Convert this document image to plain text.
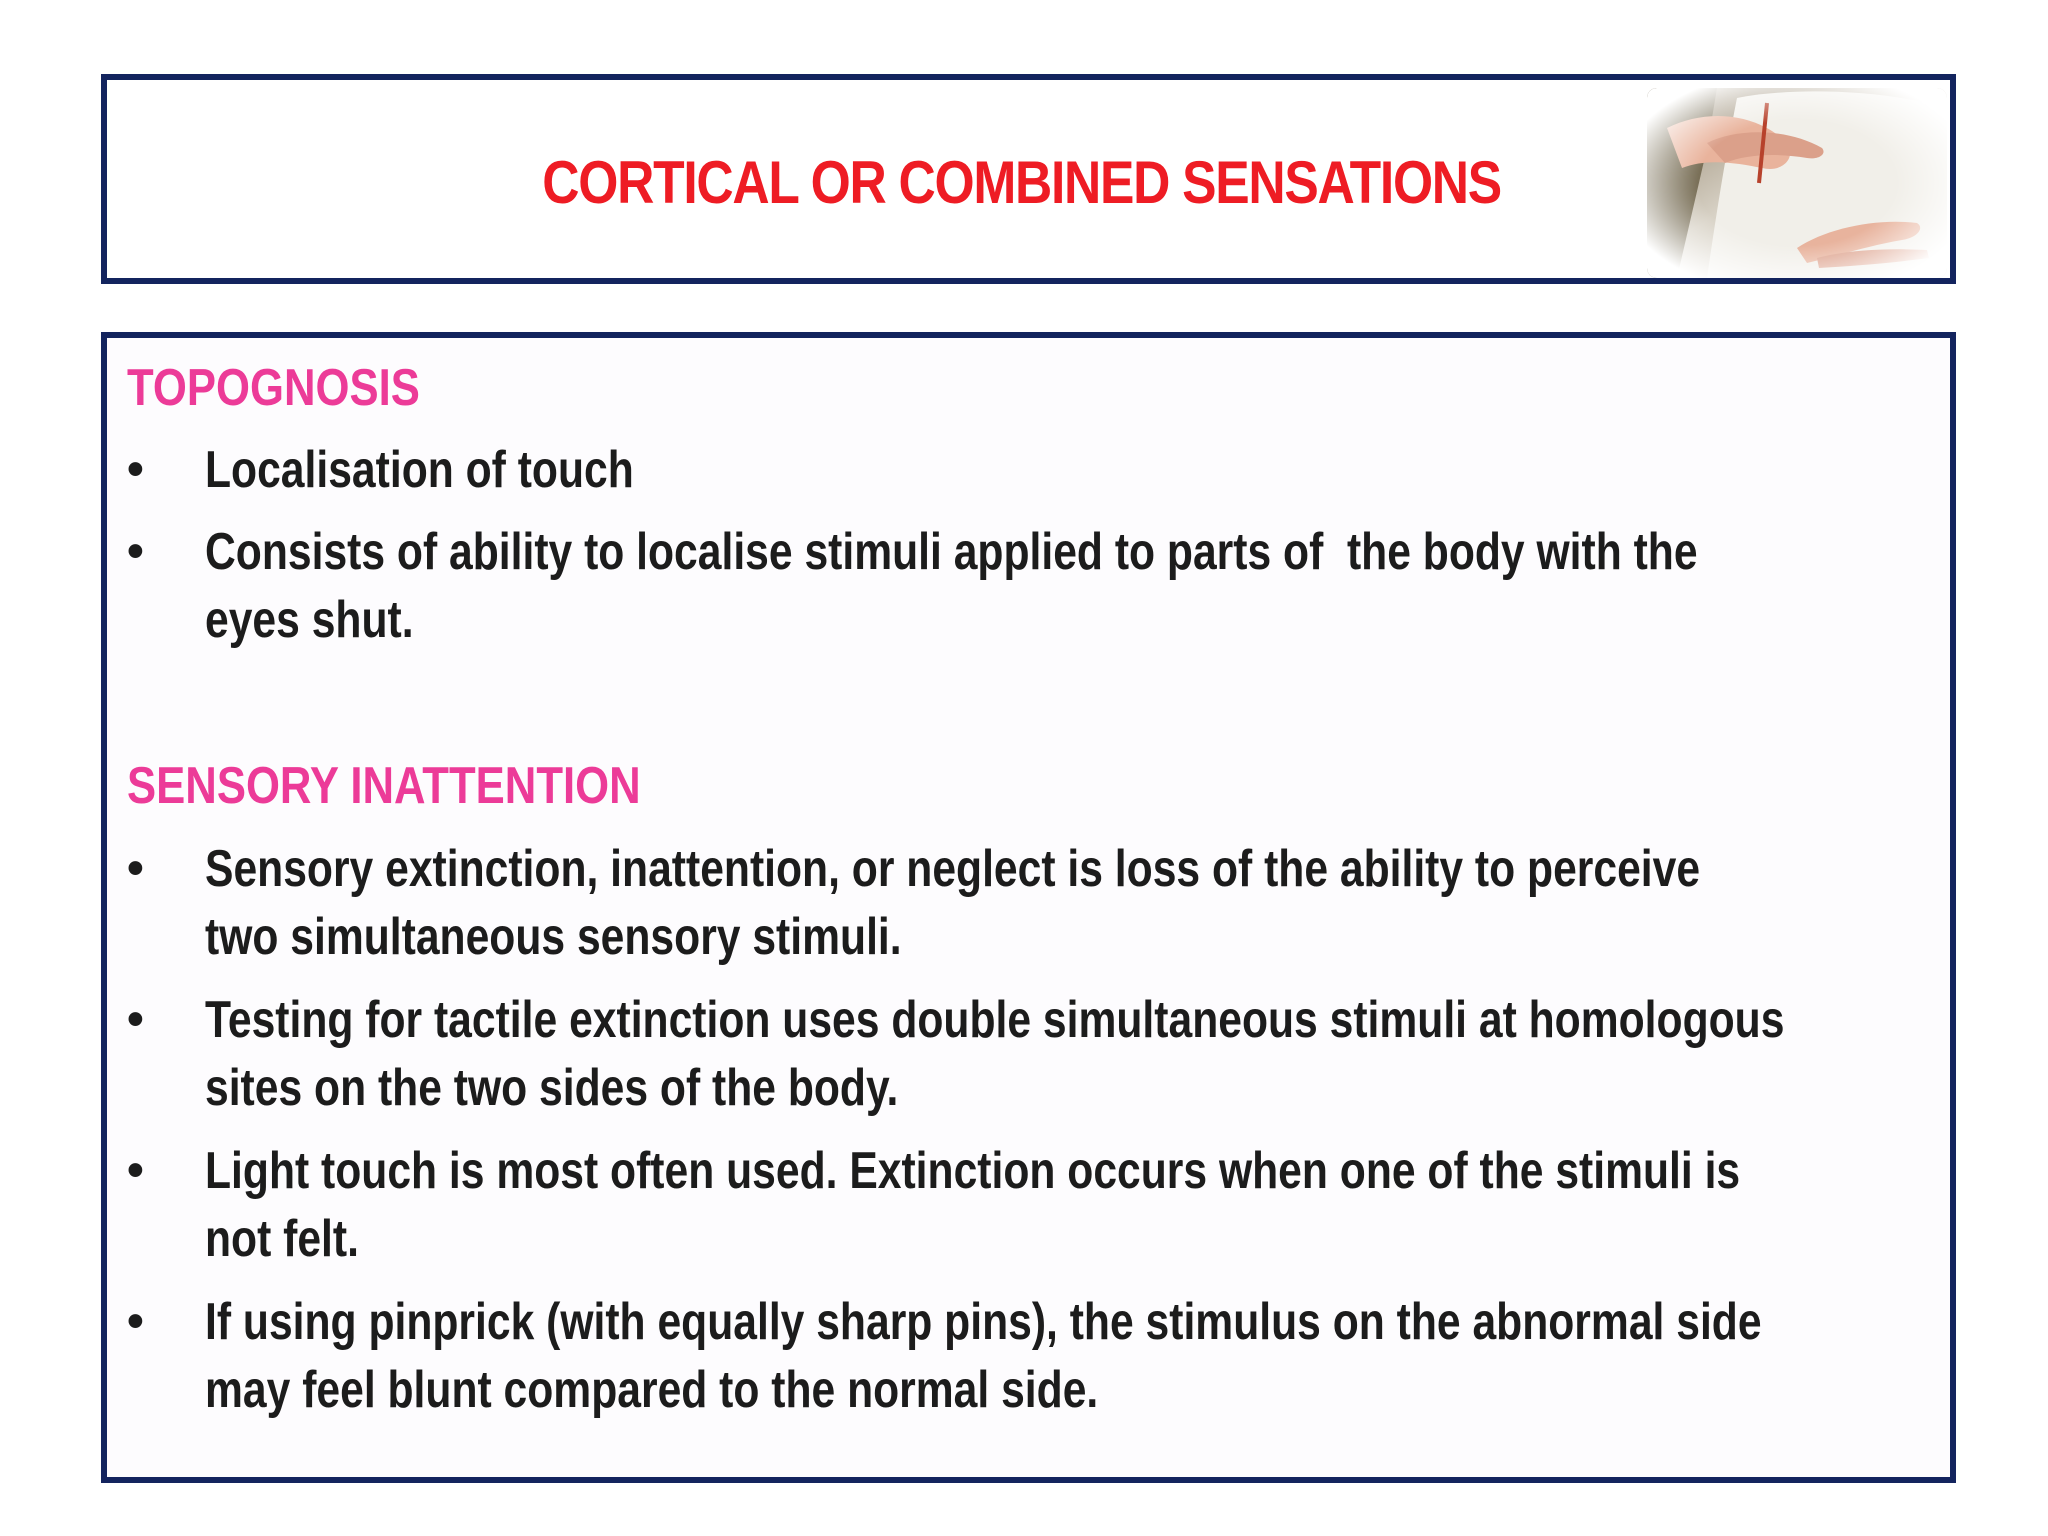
CORTICAL OR COMBINED SENSATIONS
TOPOGNOSIS
• Localisation of touch
• Consists of ability to localise stimuli applied to parts of  the body with the
eyes shut.
SENSORY INATTENTION
• Sensory extinction, inattention, or neglect is loss of the ability to perceive
two simultaneous sensory stimuli.
• Testing for tactile extinction uses double simultaneous stimuli at homologous
sites on the two sides of the body.
• Light touch is most often used. Extinction occurs when one of the stimuli is
not felt.
• If using pinprick (with equally sharp pins), the stimulus on the abnormal side
may feel blunt compared to the normal side.
